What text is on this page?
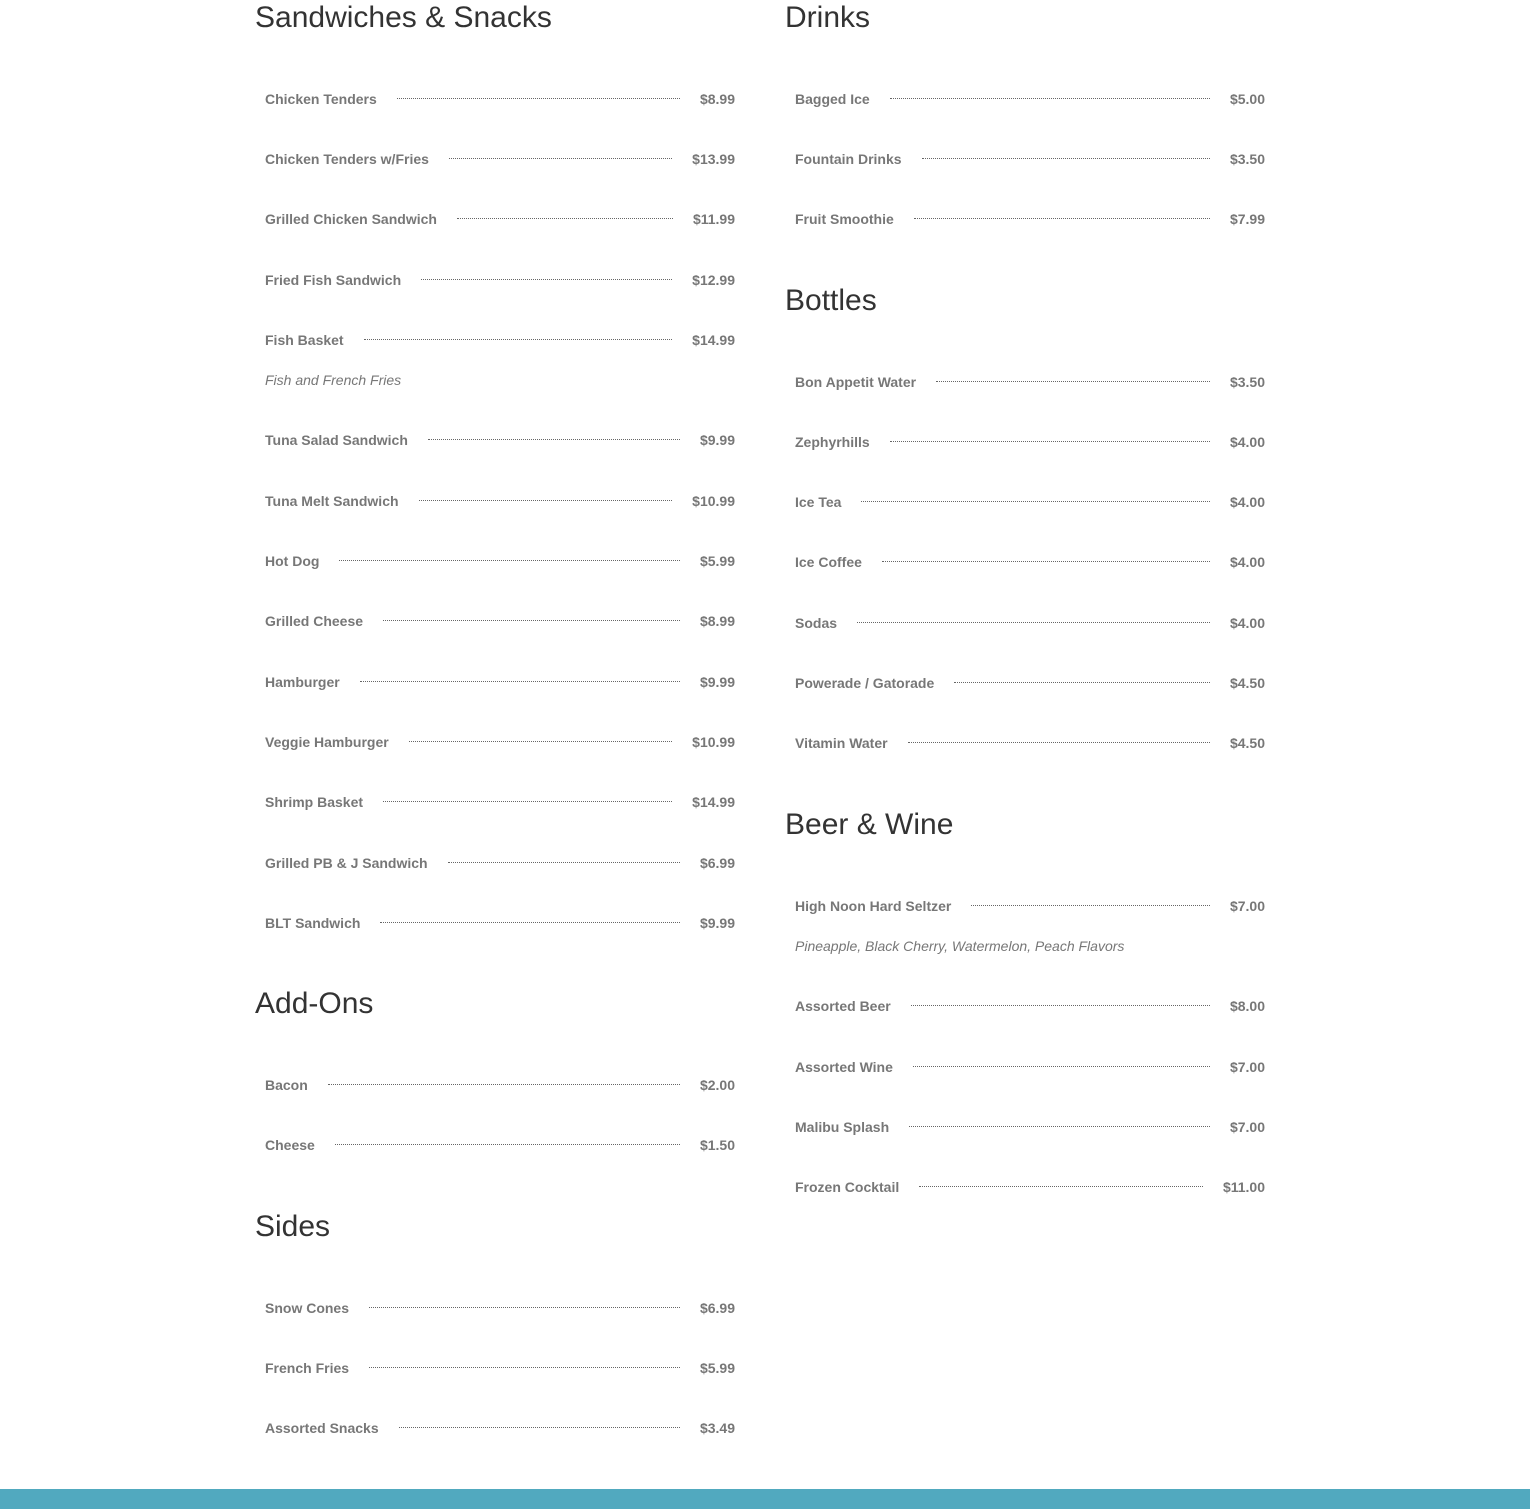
Sandwiches & Snacks
Chicken Tenders	$8.99
Chicken Tenders w/Fries	$13.99
Grilled Chicken Sandwich	$11.99
Fried Fish Sandwich	$12.99
Fish Basket	$14.99
Fish and French Fries
Tuna Salad Sandwich	$9.99
Tuna Melt Sandwich	$10.99
Hot Dog	$5.99
Grilled Cheese	$8.99
Hamburger	$9.99
Veggie Hamburger	$10.99
Shrimp Basket	$14.99
Grilled PB & J Sandwich	$6.99
BLT Sandwich	$9.99
Add-Ons
Bacon	$2.00
Cheese	$1.50
Sides
Snow Cones	$6.99
French Fries	$5.99
Assorted Snacks	$3.49
Drinks
Bagged Ice	$5.00
Fountain Drinks	$3.50
Fruit Smoothie	$7.99
Bottles
Bon Appetit Water	$3.50
Zephyrhills	$4.00
Ice Tea	$4.00
Ice Coffee	$4.00
Sodas	$4.00
Powerade / Gatorade	$4.50
Vitamin Water	$4.50
Beer & Wine
High Noon Hard Seltzer	$7.00
Pineapple, Black Cherry, Watermelon, Peach Flavors
Assorted Beer	$8.00
Assorted Wine	$7.00
Malibu Splash	$7.00
Frozen Cocktail	$11.00
